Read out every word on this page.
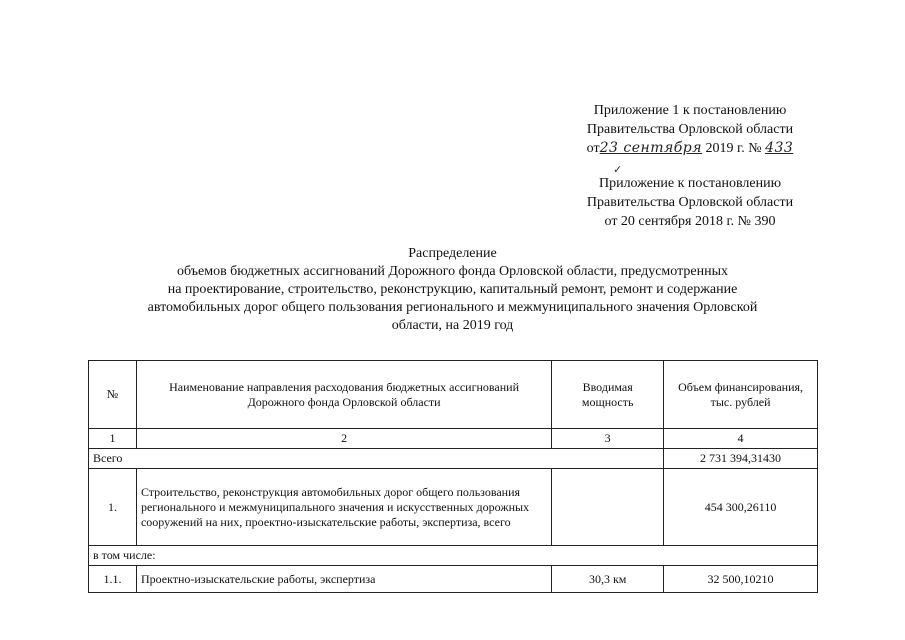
Приложение 1 к постановлению
Правительства Орловской области
от23 сентября 2019 г. № 433
✓
Приложение к постановлению
Правительства Орловской области
от 20 сентября 2018 г. № 390
Распределение
объемов бюджетных ассигнований Дорожного фонда Орловской области, предусмотренных
на проектирование, строительство, реконструкцию, капитальный ремонт, ремонт и содержание
автомобильных дорог общего пользования регионального и межмуниципального значения Орловской
области, на 2019 год
№	Наименование направления расходования бюджетных ассигнований Дорожного фонда Орловской области	Вводимая мощность	Объем финансирования, тыс. рублей
1	2	3	4
Всего			2 731 394,31430
1.	Строительство, реконструкция автомобильных дорог общего пользования регионального и межмуниципального значения и искусственных дорожных сооружений на них, проектно-изыскательские работы, экспертиза, всего		454 300,26110
в том числе:			
1.1.	Проектно-изыскательские работы, экспертиза	30,3 км	32 500,10210
